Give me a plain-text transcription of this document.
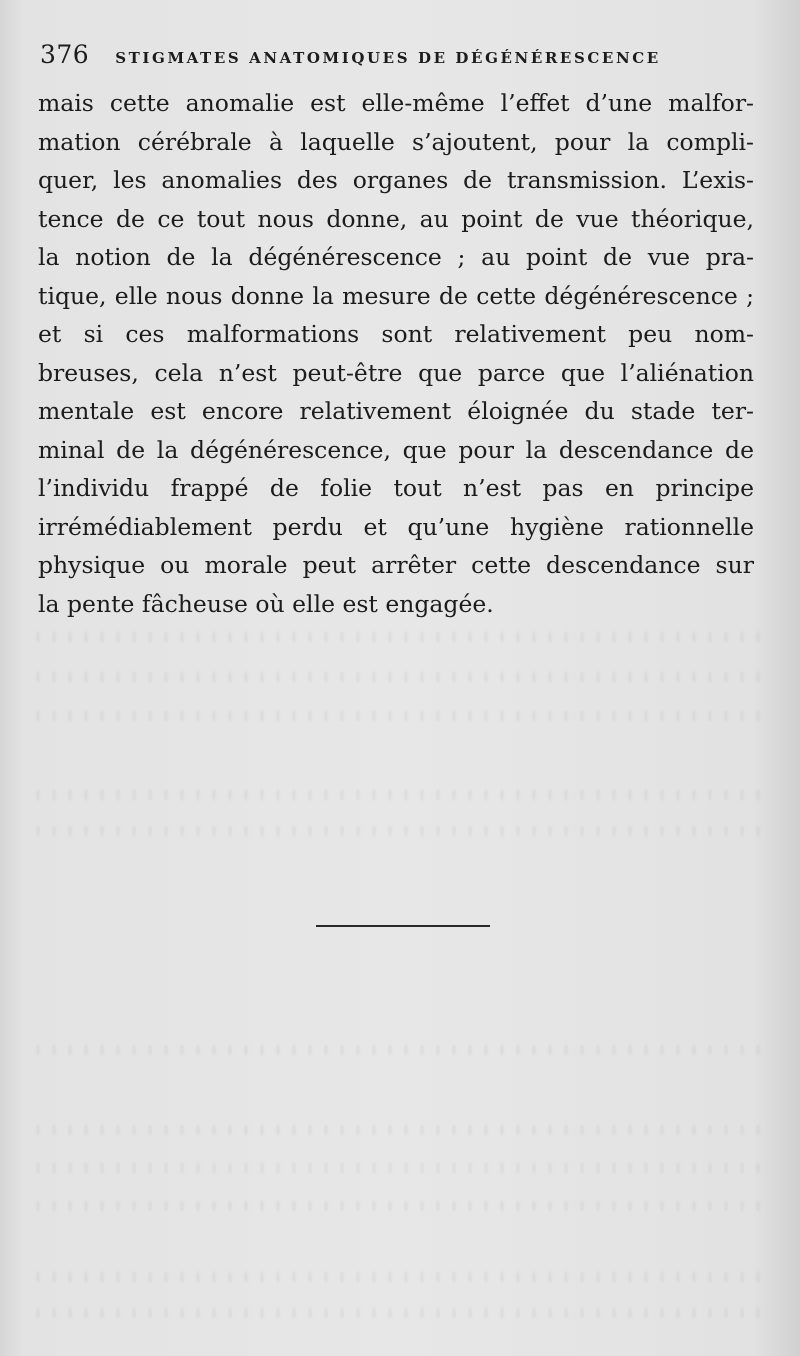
376 STIGMATES ANATOMIQUES DE DÉGÉNÉRESCENCE
mais cette anomalie est elle-même l’effet d’une malfor-
mation cérébrale à laquelle s’ajoutent, pour la compli-
quer, les anomalies des organes de transmission. L’exis-
tence de ce tout nous donne, au point de vue théorique,
la notion de la dégénérescence ; au point de vue pra-
tique, elle nous donne la mesure de cette dégénérescence ;
et si ces malformations sont relativement peu nom-
breuses, cela n’est peut-être que parce que l’aliénation
mentale est encore relativement éloignée du stade ter-
minal de la dégénérescence, que pour la descendance de
l’individu frappé de folie tout n’est pas en principe
irrémédiablement perdu et qu’une hygiène rationnelle
physique ou morale peut arrêter cette descendance sur
la pente fâcheuse où elle est engagée.
